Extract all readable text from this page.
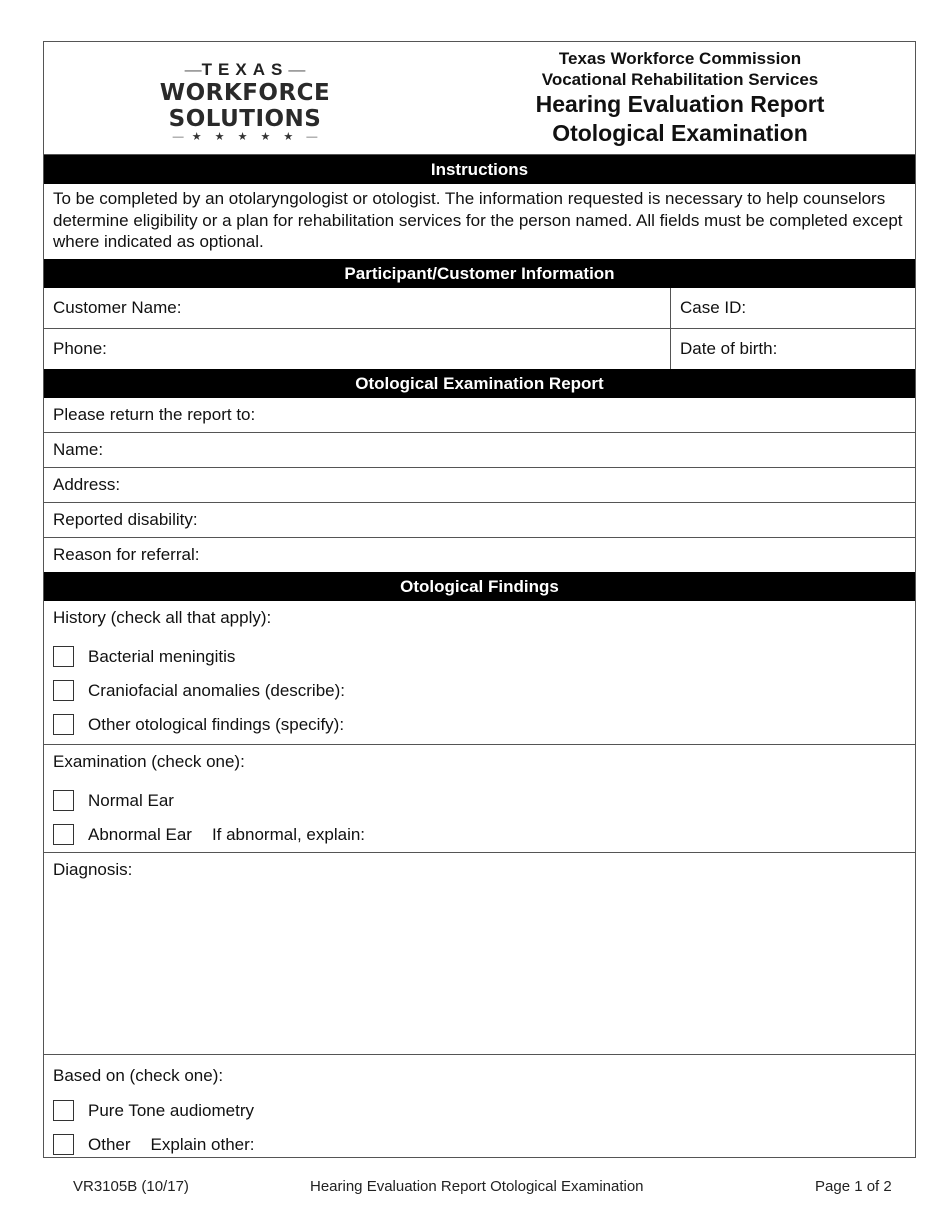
—TEXAS—
WORKFORCE SOLUTIONS
— ★ ★ ★ ★ ★ —
Texas Workforce Commission
Vocational Rehabilitation Services
Hearing Evaluation Report
Otological Examination
Instructions
To be completed by an otolaryngologist or otologist. The information requested is necessary to help counselors determine eligibility or a plan for rehabilitation services for the person named. All fields must be completed except where indicated as optional.
Participant/Customer Information
Customer Name:	Case ID:
Phone:	Date of birth:
Otological Examination Report
Please return the report to:
Name:
Address:
Reported disability:
Reason for referral:
Otological Findings
History (check all that apply):
Bacterial meningitis
Craniofacial anomalies (describe):
Other otological findings (specify):
Examination (check one):
Normal Ear
Abnormal Ear If abnormal, explain:
Diagnosis:
Based on (check one):
Pure Tone audiometry
Other Explain other:
VR3105B (10/17)	Hearing Evaluation Report Otological Examination	Page 1 of 2
